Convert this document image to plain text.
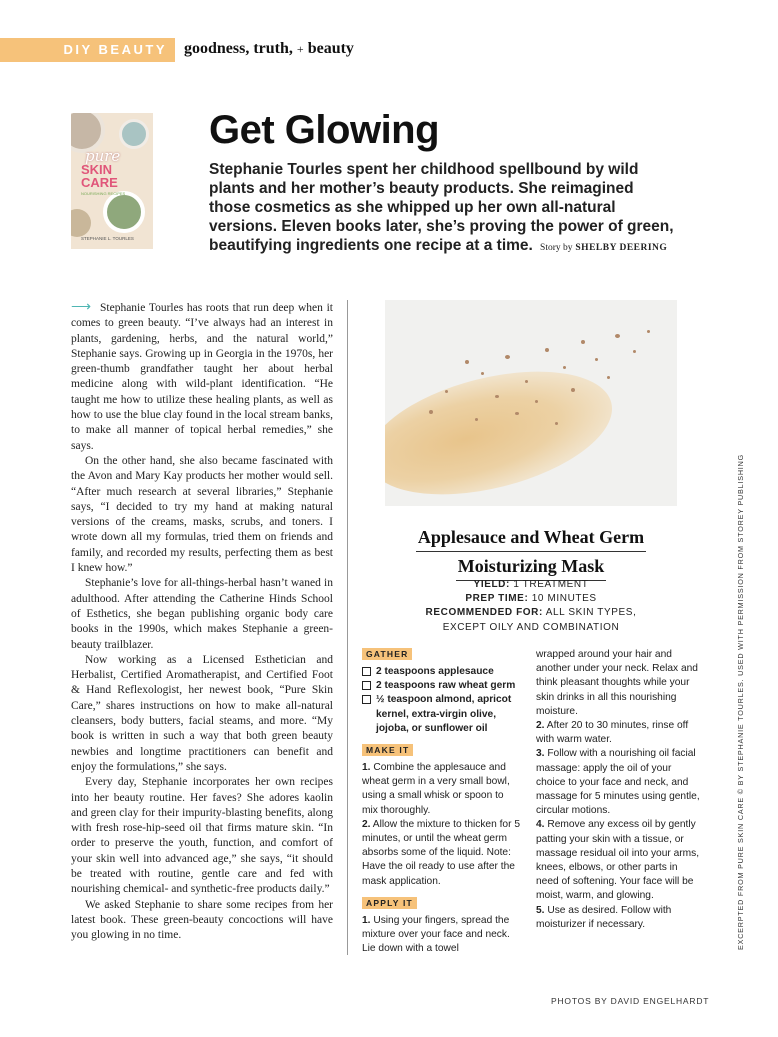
DIY BEAUTY goodness, truth, + beauty
pure
SKIN CARE
NOURISHING RECIPES
STEPHANIE L. TOURLES
Get Glowing
Stephanie Tourles spent her childhood spellbound by wild plants and her mother’s beauty products. She reimagined those cosmetics as she whipped up her own all-natural versions. Eleven books later, she’s proving the power of green, beautifying ingredients one recipe at a time. Story by SHELBY DEERING

⟶ Stephanie Tourles has roots that run deep when it comes to green beauty. “I’ve always had an interest in plants, gardening, herbs, and the natural world,” Stephanie says. Growing up in Georgia in the 1970s, her green-thumb grandfather taught her about herbal medicine along with wild-plant identification. “He taught me how to utilize these healing plants, as well as how to use the blue clay found in the local stream banks, to make all manner of topical herbal remedies,” she says.

On the other hand, she also became fascinated with the Avon and Mary Kay products her mother would sell. “After much research at several libraries,” Stephanie says, “I decided to try my hand at making natural versions of the creams, masks, scrubs, and toners. I wrote down all my formulas, tried them on friends and family, and recorded my results, perfecting them as best I knew how.”

Stephanie’s love for all-things-herbal hasn’t waned in adulthood. After attending the Catherine Hinds School of Esthetics, she began publishing organic body care books in the 1990s, which makes Stephanie a green-beauty trailblazer.

Now working as a Licensed Esthetician and Herbalist, Certified Aromatherapist, and Certified Foot & Hand Reflexologist, her newest book, “Pure Skin Care,” shares instructions on how to make all-natural cleansers, body butters, facial steams, and more. “My book is written in such a way that both green beauty newbies and longtime practitioners can benefit and enjoy the formulations,” she says.

Every day, Stephanie incorporates her own recipes into her beauty routine. Her faves? She adores kaolin and green clay for their impurity-blasting benefits, along with fresh rose-hip-seed oil that firms mature skin. “In order to preserve the youth, function, and comfort of your skin well into advanced age,” she says, “it should be treated with routine, gentle care and fed with nourishing chemical- and synthetic-free products daily.”

We asked Stephanie to share some recipes from her latest book. These green-beauty concoctions will have you glowing in no time.

Applesauce and Wheat Germ
Moisturizing Mask
YIELD: 1 TREATMENT
PREP TIME: 10 MINUTES
RECOMMENDED FOR: ALL SKIN TYPES,
EXCEPT OILY AND COMBINATION
GATHER
2 teaspoons applesauce
2 teaspoons raw wheat germ
½ teaspoon almond, apricot kernel, extra-virgin olive, jojoba, or sunflower oil
MAKE IT
1. Combine the applesauce and wheat germ in a very small bowl, using a small whisk or spoon to mix thoroughly.
2. Allow the mixture to thicken for 5 minutes, or until the wheat germ absorbs some of the liquid. Note: Have the oil ready to use after the mask application.
APPLY IT
1. Using your fingers, spread the mixture over your face and neck. Lie down with a towel
wrapped around your hair and another under your neck. Relax and think pleasant thoughts while your skin drinks in all this nourishing moisture.
2. After 20 to 30 minutes, rinse off with warm water.
3. Follow with a nourishing oil facial massage: apply the oil of your choice to your face and neck, and massage for 5 minutes using gentle, circular motions.
4. Remove any excess oil by gently patting your skin with a tissue, or massage residual oil into your arms, knees, elbows, or other parts in need of softening. Your face will be moist, warm, and glowing.
5. Use as desired. Follow with moisturizer if necessary.	EXCERPTED FROM PURE SKIN CARE © BY STEPHANIE TOURLES. USED WITH PERMISSION FROM STOREY PUBLISHING
PHOTOS BY DAVID ENGELHARDT
